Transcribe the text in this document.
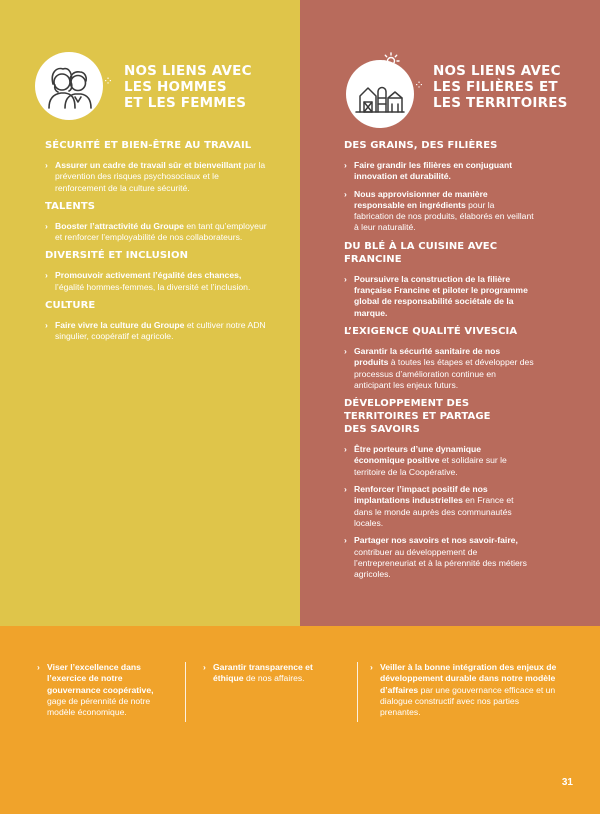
⁘
NOS LIENS AVEC
LES HOMMES
ET LES FEMMES
⁘
NOS LIENS AVEC
LES FILIÈRES ET
LES TERRITOIRES
SÉCURITÉ ET BIEN-ÊTRE AU TRAVAIL
› Assurer un cadre de travail sûr et bienveillant par la prévention des risques psychosociaux et le renforcement de la culture sécurité.
TALENTS
› Booster l’attractivité du Groupe en tant qu’employeur et renforcer l’employabilité de nos collaborateurs.
DIVERSITÉ ET INCLUSION
› Promouvoir activement l’égalité des chances, l’égalité hommes-femmes, la diversité et l’inclusion.
CULTURE
› Faire vivre la culture du Groupe et cultiver notre ADN singulier, coopératif et agricole.
DES GRAINS, DES FILIÈRES
› Faire grandir les filières en conjuguant innovation et durabilité.
› Nous approvisionner de manière responsable en ingrédients pour la fabrication de nos produits, élaborés en veillant à leur naturalité.
DU BLÉ À LA CUISINE AVEC FRANCINE
› Poursuivre la construction de la filière française Francine et piloter le programme global de responsabilité sociétale de la marque.
L’EXIGENCE QUALITÉ VIVESCIA
› Garantir la sécurité sanitaire de nos produits à toutes les étapes et développer des processus d’amélioration continue en anticipant les enjeux futurs.
DÉVELOPPEMENT DES TERRITOIRES ET PARTAGE DES SAVOIRS
› Être porteurs d’une dynamique économique positive et solidaire sur le territoire de la Coopérative.
› Renforcer l’impact positif de nos implantations industrielles en France et dans le monde auprès des communautés locales.
› Partager nos savoirs et nos savoir-faire, contribuer au développement de l’entrepreneuriat et à la pérennité des métiers agricoles.
› Viser l’excellence dans l’exercice de notre gouvernance coopérative, gage de pérennité de notre modèle économique.
› Garantir transparence et éthique de nos affaires.
› Veiller à la bonne intégration des enjeux de développement durable dans notre modèle d’affaires par une gouvernance efficace et un dialogue constructif avec nos parties prenantes.
31
